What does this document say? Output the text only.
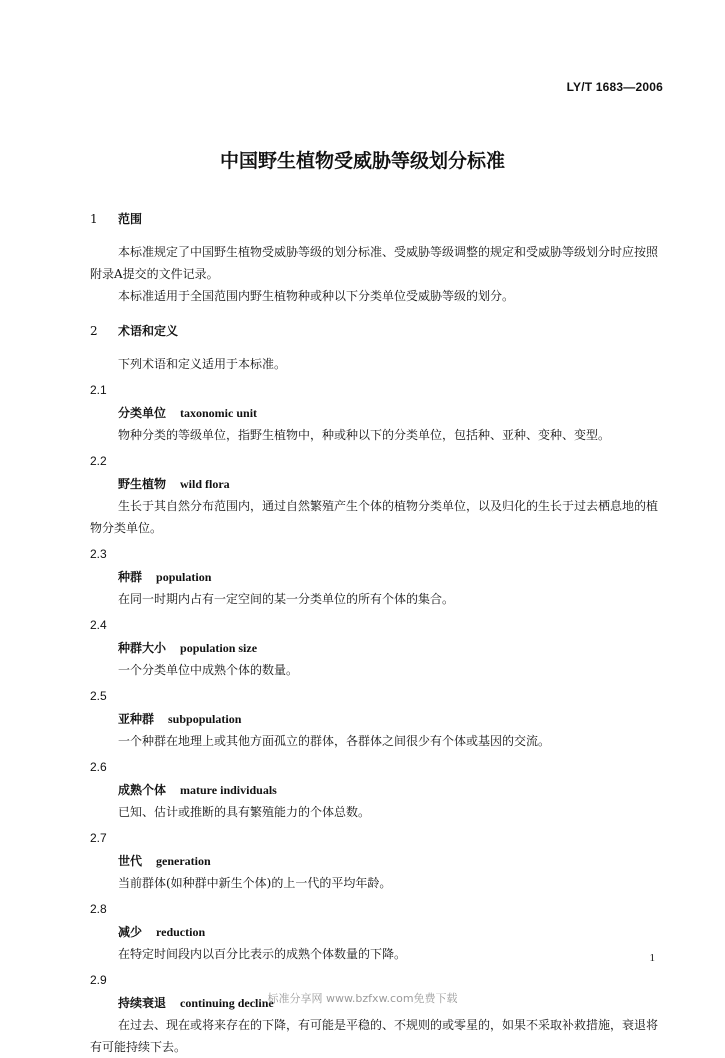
LY/T 1683—2006
中国野生植物受威胁等级划分标准
1 范围

本标准规定了中国野生植物受威胁等级的划分标准、受威胁等级调整的规定和受威胁等级划分时应按照附录A提交的文件记录。

本标准适用于全国范围内野生植物种或种以下分类单位受威胁等级的划分。

2 术语和定义

下列术语和定义适用于本标准。

2.1
分类单位 taxonomic unit
物种分类的等级单位，指野生植物中，种或种以下的分类单位，包括种、亚种、变种、变型。
2.2
野生植物 wild flora
生长于其自然分布范围内，通过自然繁殖产生个体的植物分类单位，以及归化的生长于过去栖息地的植物分类单位。
2.3
种群 population
在同一时期内占有一定空间的某一分类单位的所有个体的集合。
2.4
种群大小 population size
一个分类单位中成熟个体的数量。
2.5
亚种群 subpopulation
一个种群在地理上或其他方面孤立的群体，各群体之间很少有个体或基因的交流。
2.6
成熟个体 mature individuals
已知、估计或推断的具有繁殖能力的个体总数。
2.7
世代 generation
当前群体(如种群中新生个体)的上一代的平均年龄。
2.8
减少 reduction
在特定时间段内以百分比表示的成熟个体数量的下降。
2.9
持续衰退 continuing decline
在过去、现在或将来存在的下降，有可能是平稳的、不规则的或零星的，如果不采取补救措施，衰退将有可能持续下去。
1
标准分享网 www.bzfxw.com免费下载
